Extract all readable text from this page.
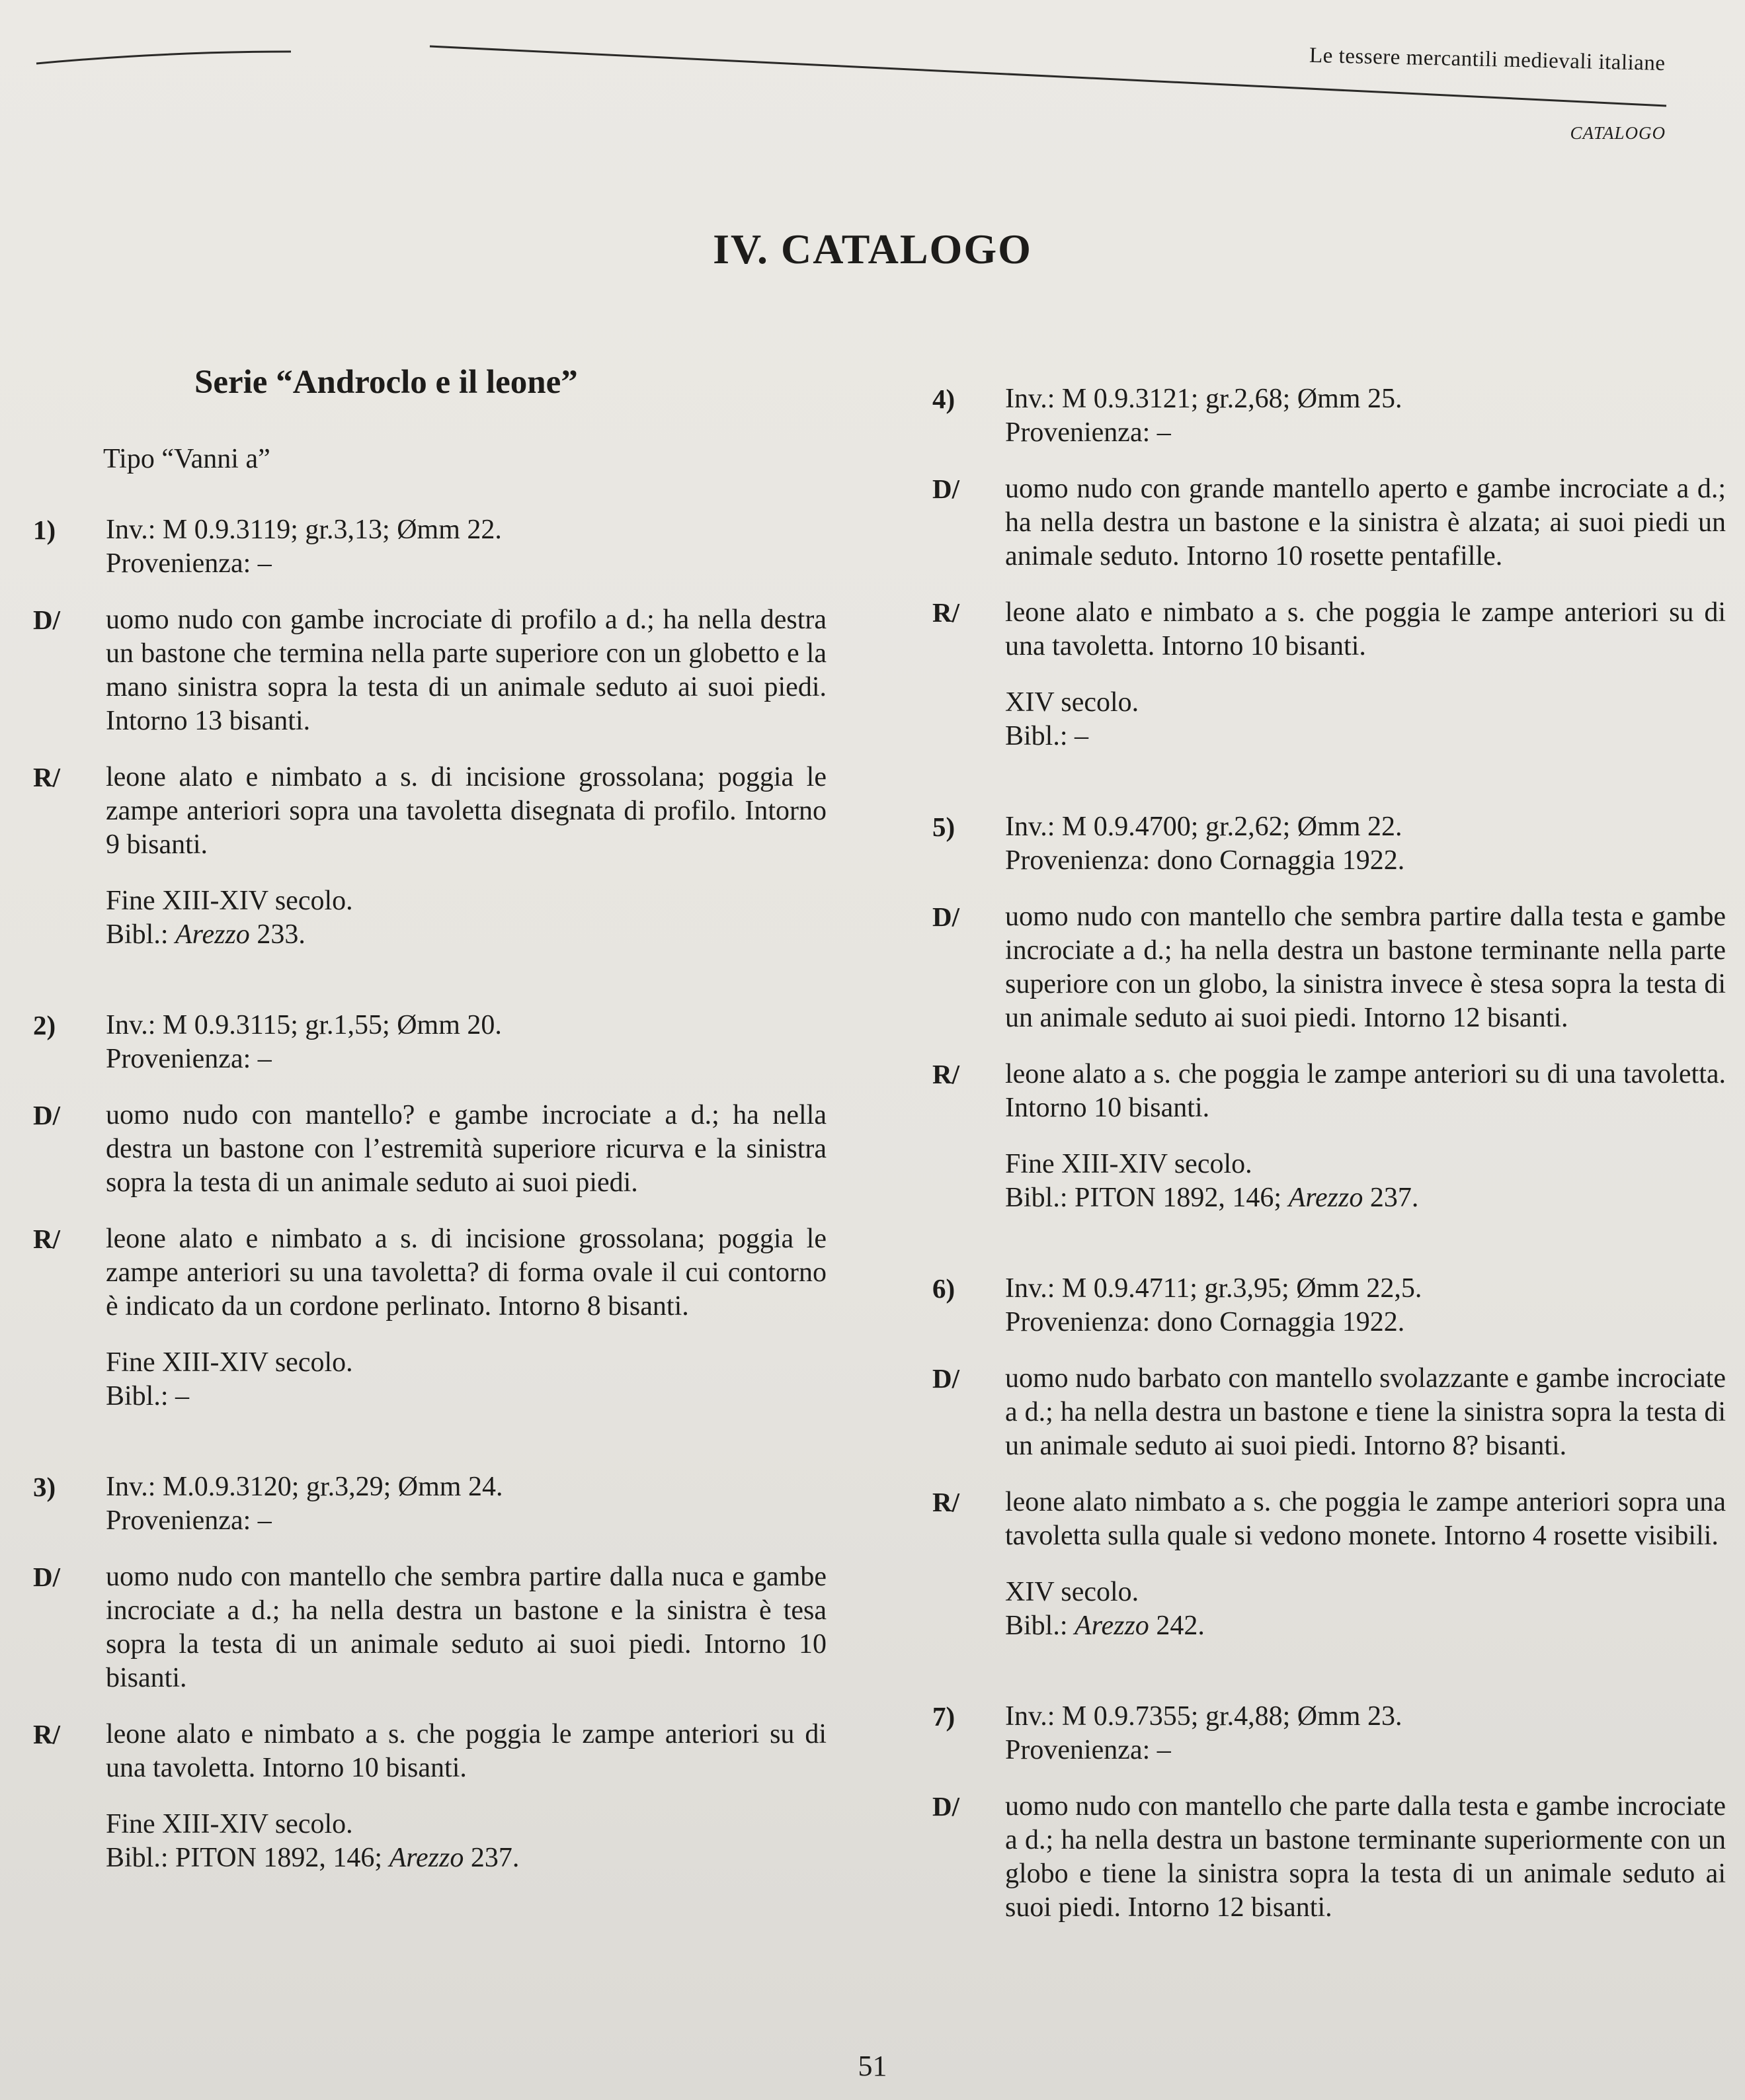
Le tessere mercantili medievali italiane
CATALOGO
IV. CATALOGO
Serie “Androclo e il leone”
Tipo “Vanni a”
1) Inv.: M 0.9.3119; gr.3,13; Ømm 22.
Provenienza: –
D/ uomo nudo con gambe incrociate di profilo a d.; ha nella destra un bastone che termina nella parte superiore con un globetto e la mano sinistra sopra la testa di un animale seduto ai suoi piedi. Intorno 13 bisanti.
R/ leone alato e nimbato a s. di incisione grossolana; poggia le zampe anteriori sopra una tavoletta disegnata di profilo. Intorno 9 bisanti.
Fine XIII-XIV secolo.
Bibl.: Arezzo 233.
2) Inv.: M 0.9.3115; gr.1,55; Ømm 20.
Provenienza: –
D/ uomo nudo con mantello? e gambe incrociate a d.; ha nella destra un bastone con l’estremità superiore ricurva e la sinistra sopra la testa di un animale seduto ai suoi piedi.
R/ leone alato e nimbato a s. di incisione grossolana; poggia le zampe anteriori su una tavoletta? di forma ovale il cui contorno è indicato da un cordone perlinato. Intorno 8 bisanti.
Fine XIII-XIV secolo.
Bibl.: –
3) Inv.: M.0.9.3120; gr.3,29; Ømm 24.
Provenienza: –
D/ uomo nudo con mantello che sembra partire dalla nuca e gambe incrociate a d.; ha nella destra un bastone e la sinistra è tesa sopra la testa di un animale seduto ai suoi piedi. Intorno 10 bisanti.
R/ leone alato e nimbato a s. che poggia le zampe anteriori su di una tavoletta. Intorno 10 bisanti.
Fine XIII-XIV secolo.
Bibl.: PITON 1892, 146; Arezzo 237.
4) Inv.: M 0.9.3121; gr.2,68; Ømm 25.
Provenienza: –
D/ uomo nudo con grande mantello aperto e gambe incrociate a d.; ha nella destra un bastone e la sinistra è alzata; ai suoi piedi un animale seduto. Intorno 10 rosette pentafille.
R/ leone alato e nimbato a s. che poggia le zampe anteriori su di una tavoletta. Intorno 10 bisanti.
XIV secolo.
Bibl.: –
5) Inv.: M 0.9.4700; gr.2,62; Ømm 22.
Provenienza: dono Cornaggia 1922.
D/ uomo nudo con mantello che sembra partire dalla testa e gambe incrociate a d.; ha nella destra un bastone terminante nella parte superiore con un globo, la sinistra invece è stesa sopra la testa di un animale seduto ai suoi piedi. Intorno 12 bisanti.
R/ leone alato a s. che poggia le zampe anteriori su di una tavoletta. Intorno 10 bisanti.
Fine XIII-XIV secolo.
Bibl.: PITON 1892, 146; Arezzo 237.
6) Inv.: M 0.9.4711; gr.3,95; Ømm 22,5.
Provenienza: dono Cornaggia 1922.
D/ uomo nudo barbato con mantello svolazzante e gambe incrociate a d.; ha nella destra un bastone e tiene la sinistra sopra la testa di un animale seduto ai suoi piedi. Intorno 8? bisanti.
R/ leone alato nimbato a s. che poggia le zampe anteriori sopra una tavoletta sulla quale si vedono monete. Intorno 4 rosette visibili.
XIV secolo.
Bibl.: Arezzo 242.
7) Inv.: M 0.9.7355; gr.4,88; Ømm 23.
Provenienza: –
D/ uomo nudo con mantello che parte dalla testa e gambe incrociate a d.; ha nella destra un bastone terminante superiormente con un globo e tiene la sinistra sopra la testa di un animale seduto ai suoi piedi. Intorno 12 bisanti.
51
